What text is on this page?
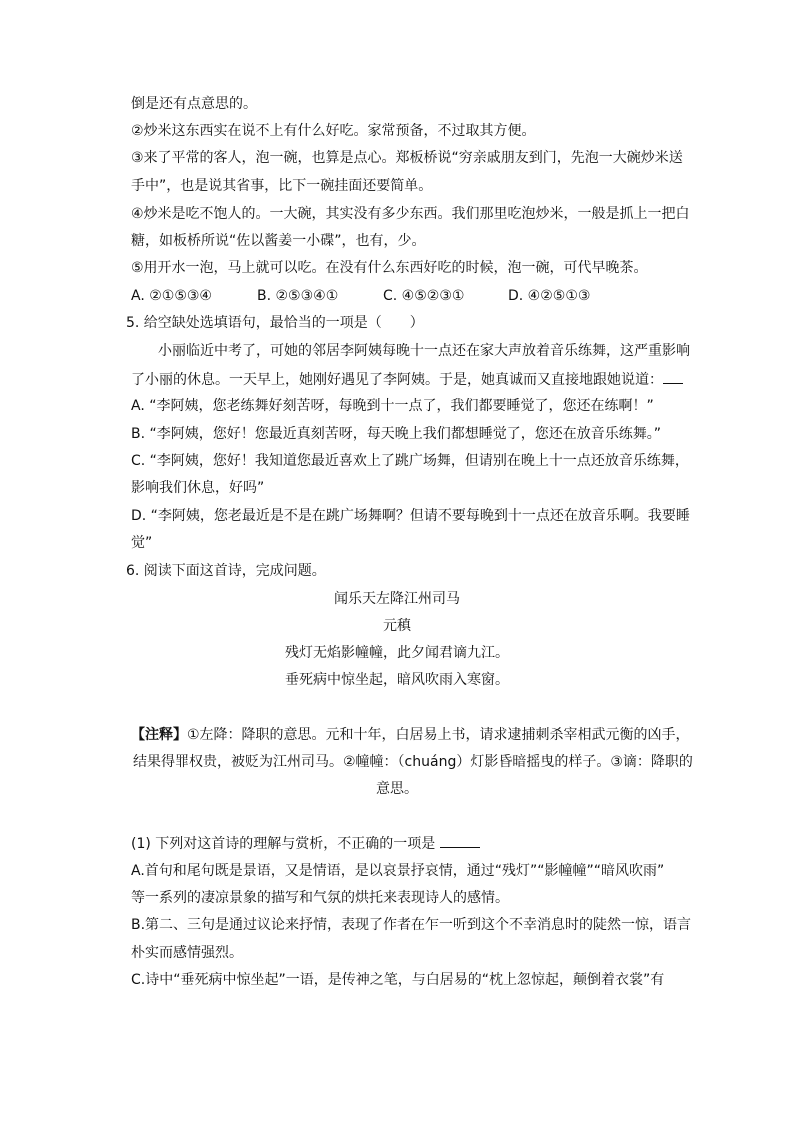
倒是还有点意思的。
②炒米这东西实在说不上有什么好吃。家常预备，不过取其方便。
③来了平常的客人，泡一碗，也算是点心。郑板桥说“穷亲戚朋友到门，先泡一大碗炒米送
手中”，也是说其省事，比下一碗挂面还要简单。
④炒米是吃不饱人的。一大碗，其实没有多少东西。我们那里吃泡炒米，一般是抓上一把白
糖，如板桥所说“佐以酱姜一小碟”，也有，少。
⑤用开水一泡，马上就可以吃。在没有什么东西好吃的时候，泡一碗，可代早晚茶。
A. ②①⑤③④	B. ②⑤③④①	C. ④⑤②③①	D. ④②⑤①③
5. 给空缺处选填语句，最恰当的一项是（　　）
小丽临近中考了，可她的邻居李阿姨每晚十一点还在家大声放着音乐练舞，这严重影响
了小丽的休息。一天早上，她刚好遇见了李阿姨。于是，她真诚而又直接地跟她说道：
A. “李阿姨，您老练舞好刻苦呀，每晚到十一点了，我们都要睡觉了，您还在练啊！”
B. “李阿姨，您好！您最近真刻苦呀，每天晚上我们都想睡觉了，您还在放音乐练舞。”
C. “李阿姨，您好！我知道您最近喜欢上了跳广场舞，但请别在晚上十一点还放音乐练舞，
影响我们休息，好吗”
D. “李阿姨，您老最近是不是在跳广场舞啊？但请不要每晚到十一点还在放音乐啊。我要睡
觉”
6. 阅读下面这首诗，完成问题。
闻乐天左降江州司马
元稹
残灯无焰影幢幢，此夕闻君谪九江。
垂死病中惊坐起，暗风吹雨入寒窗。
【注释】①左降：降职的意思。元和十年，白居易上书，请求逮捕刺杀宰相武元衡的凶手，
结果得罪权贵，被贬为江州司马。②幢幢：（chuáng）灯影昏暗摇曳的样子。③谪：降职的
意思。
(1) 下列对这首诗的理解与赏析，不正确的一项是
A.首句和尾句既是景语，又是情语，是以哀景抒哀情，通过“残灯”“影幢幢”“暗风吹雨”
等一系列的凄凉景象的描写和气氛的烘托来表现诗人的感情。
B.第二、三句是通过议论来抒情，表现了作者在乍一听到这个不幸消息时的陡然一惊，语言
朴实而感情强烈。
C.诗中“垂死病中惊坐起”一语，是传神之笔，与白居易的“枕上忽惊起，颠倒着衣裳”有
